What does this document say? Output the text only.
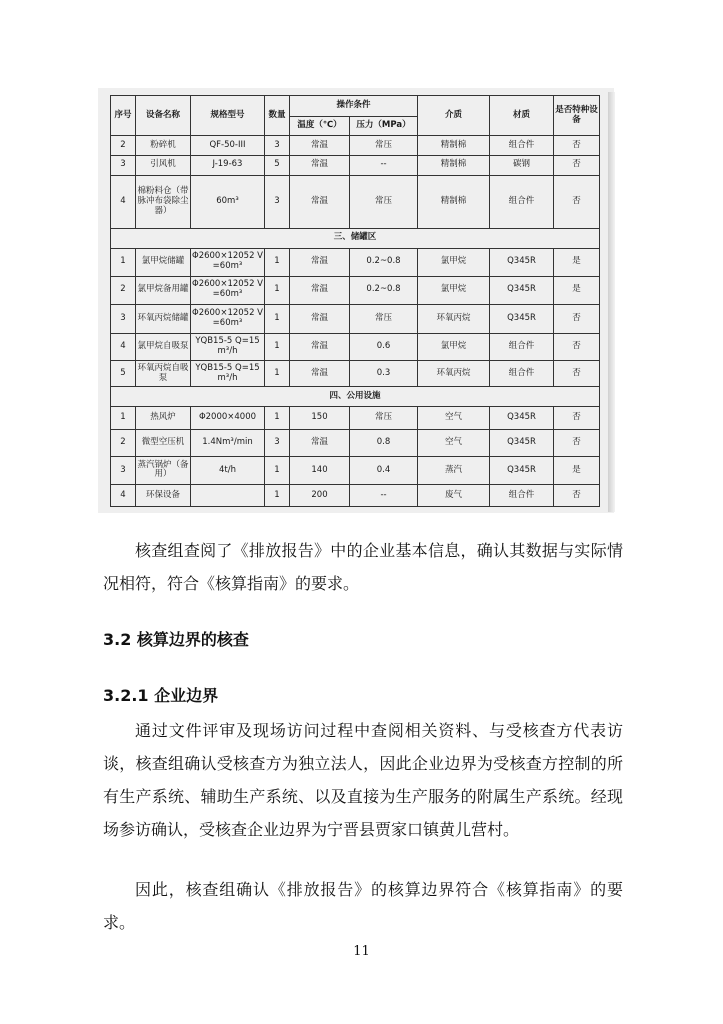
序号	设备名称	规格型号	数量	操作条件		介质	材质	是否特种设备
				温度（℃）	压力（MPa）			
2	粉碎机	QF-50-III	3	常温	常压	精制棉	组合件	否
3	引风机	J-19-63	5	常温	--	精制棉	碳钢	否
4	棉粉料仓（带脉冲布袋除尘器）	60m³	3	常温	常压	精制棉	组合件	否
三、储罐区								
1	氯甲烷储罐	Φ2600×12052 V=60m³	1	常温	0.2~0.8	氯甲烷	Q345R	是
2	氯甲烷备用罐	Φ2600×12052 V=60m³	1	常温	0.2~0.8	氯甲烷	Q345R	是
3	环氧丙烷储罐	Φ2600×12052 V=60m³	1	常温	常压	环氧丙烷	Q345R	否
4	氯甲烷自吸泵	YQB15-5 Q=15m³/h	1	常温	0.6	氯甲烷	组合件	否
5	环氧丙烷自吸泵	YQB15-5 Q=15m³/h	1	常温	0.3	环氧丙烷	组合件	否
四、公用设施								
1	热风炉	Φ2000×4000	1	150	常压	空气	Q345R	否
2	微型空压机	1.4Nm³/min	3	常温	0.8	空气	Q345R	否
3	蒸汽锅炉（备用）	4t/h	1	140	0.4	蒸汽	Q345R	是
4	环保设备		1	200	--	废气	组合件	否

核查组查阅了《排放报告》中的企业基本信息，确认其数据与实际情况相符，符合《核算指南》的要求。

3.2 核算边界的核查

3.2.1 企业边界

通过文件评审及现场访问过程中查阅相关资料、与受核查方代表访谈，核查组确认受核查方为独立法人，因此企业边界为受核查方控制的所有生产系统、辅助生产系统、以及直接为生产服务的附属生产系统。经现场参访确认，受核查企业边界为宁晋县贾家口镇黄儿营村。

因此，核查组确认《排放报告》的核算边界符合《核算指南》的要求。

11
